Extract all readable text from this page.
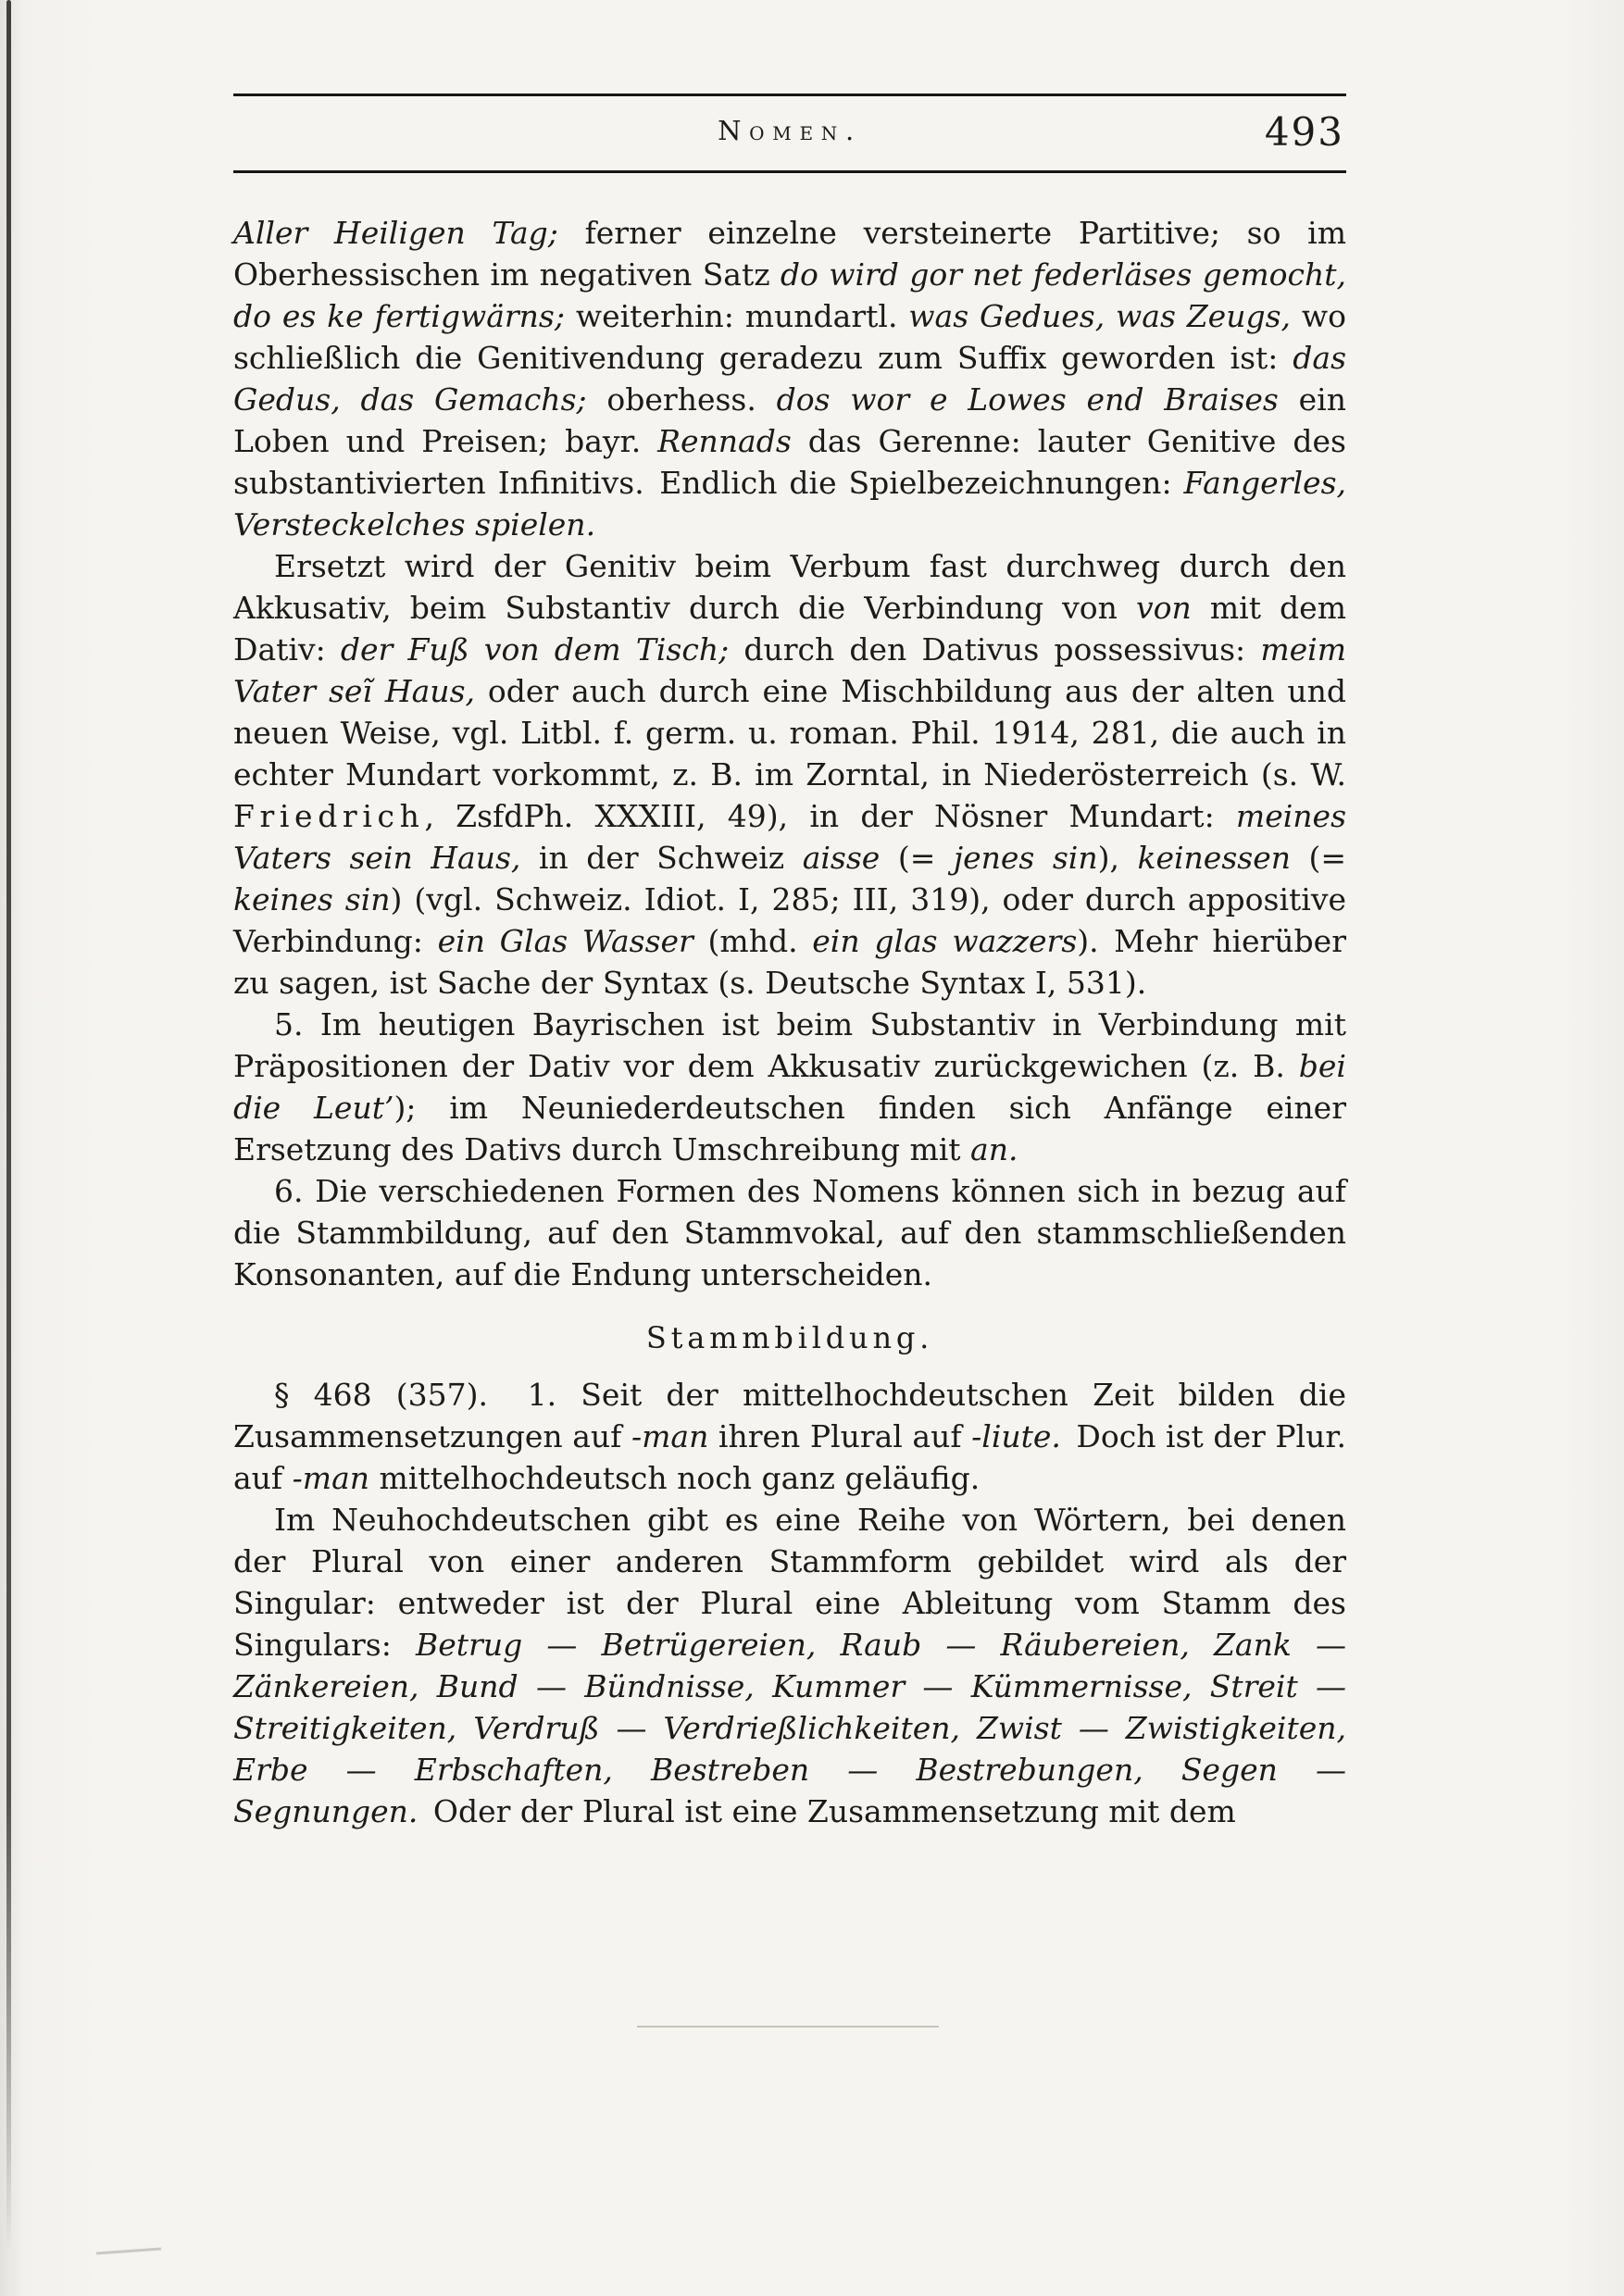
Nomen.	493

Aller Heiligen Tag; ferner einzelne versteinerte Partitive; so im Oberhessischen im negativen Satz do wird gor net federläses gemocht, do es ke fertigwärns; weiterhin: mundartl. was Gedues, was Zeugs, wo schließlich die Genitivendung geradezu zum Suffix geworden ist: das Gedus, das Gemachs; oberhess. dos wor e Lowes end Braises ein Loben und Preisen; bayr. Rennads das Gerenne: lauter Genitive des substantivierten Infinitivs. Endlich die Spielbezeichnungen: Fangerles, Versteckelches spielen.

Ersetzt wird der Genitiv beim Verbum fast durchweg durch den Akkusativ, beim Substantiv durch die Verbindung von von mit dem Dativ: der Fuß von dem Tisch; durch den Dativus possessivus: meim Vater seĩ Haus, oder auch durch eine Mischbildung aus der alten und neuen Weise, vgl. Litbl. f. germ. u. roman. Phil. 1914, 281, die auch in echter Mundart vorkommt, z. B. im Zorntal, in Niederösterreich (s. W. Friedrich, ZsfdPh. XXXIII, 49), in der Nösner Mundart: meines Vaters sein Haus, in der Schweiz aisse (= jenes sin), keinessen (= keines sin) (vgl. Schweiz. Idiot. I, 285; III, 319), oder durch appositive Verbindung: ein Glas Wasser (mhd. ein glas wazzers). Mehr hierüber zu sagen, ist Sache der Syntax (s. Deutsche Syntax I, 531).

5. Im heutigen Bayrischen ist beim Substantiv in Verbindung mit Präpositionen der Dativ vor dem Akkusativ zurückgewichen (z. B. bei die Leut’); im Neuniederdeutschen finden sich Anfänge einer Ersetzung des Dativs durch Umschreibung mit an.

6. Die verschiedenen Formen des Nomens können sich in bezug auf die Stammbildung, auf den Stammvokal, auf den stammschließenden Konsonanten, auf die Endung unterscheiden.

Stammbildung.

§ 468 (357).  1. Seit der mittelhochdeutschen Zeit bilden die Zusammensetzungen auf -man ihren Plural auf -liute. Doch ist der Plur. auf -man mittelhochdeutsch noch ganz geläufig.

Im Neuhochdeutschen gibt es eine Reihe von Wörtern, bei denen der Plural von einer anderen Stammform gebildet wird als der Singular: entweder ist der Plural eine Ableitung vom Stamm des Singulars: Betrug — Betrügereien, Raub — Räubereien, Zank — Zänkereien, Bund — Bündnisse, Kummer — Kümmernisse, Streit — Streitigkeiten, Verdruß — Verdrießlichkeiten, Zwist — Zwistigkeiten, Erbe — Erbschaften, Bestreben — Bestrebungen, Segen — Segnungen. Oder der Plural ist eine Zusammensetzung mit dem
